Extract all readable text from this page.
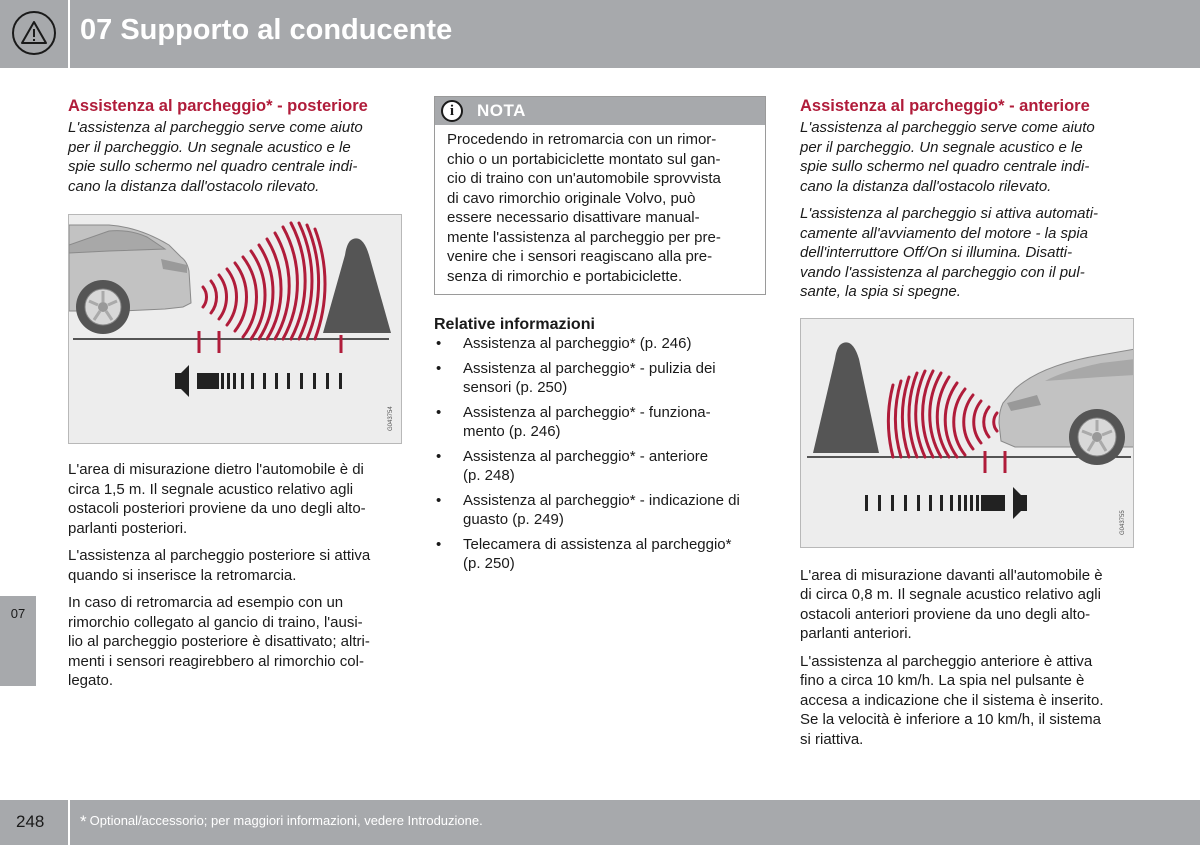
07 Supporto al conducente
07
Assistenza al parcheggio* - posteriore

L'assistenza al parcheggio serve come aiuto
per il parcheggio. Un segnale acustico e le
spie sullo schermo nel quadro centrale indi-
cano la distanza dall'ostacolo rilevato.

G043754

L'area di misurazione dietro l'automobile è di
circa 1,5 m. Il segnale acustico relativo agli
ostacoli posteriori proviene da uno degli alto-
parlanti posteriori.

L'assistenza al parcheggio posteriore si attiva
quando si inserisce la retromarcia.

In caso di retromarcia ad esempio con un
rimorchio collegato al gancio di traino, l'ausi-
lio al parcheggio posteriore è disattivato; altri-
menti i sensori reagirebbero al rimorchio col-
legato.

i	NOTA
Procedendo in retromarcia con un rimor-
chio o un portabiciclette montato sul gan-
cio di traino con un'automobile sprovvista
di cavo rimorchio originale Volvo, può
essere necessario disattivare manual-
mente l'assistenza al parcheggio per pre-
venire che i sensori reagiscano alla pre-
senza di rimorchio e portabiciclette.
Relative informazioni
• Assistenza al parcheggio* (p. 246)
• Assistenza al parcheggio* - pulizia dei
sensori (p. 250)
• Assistenza al parcheggio* - funziona-
mento (p. 246)
• Assistenza al parcheggio* - anteriore
(p. 248)
• Assistenza al parcheggio* - indicazione di
guasto (p. 249)
• Telecamera di assistenza al parcheggio*
(p. 250)
Assistenza al parcheggio* - anteriore

L'assistenza al parcheggio serve come aiuto
per il parcheggio. Un segnale acustico e le
spie sullo schermo nel quadro centrale indi-
cano la distanza dall'ostacolo rilevato.

L'assistenza al parcheggio si attiva automati-
camente all'avviamento del motore - la spia
dell'interruttore Off/On si illumina. Disatti-
vando l'assistenza al parcheggio con il pul-
sante, la spia si spegne.

G043755

L'area di misurazione davanti all'automobile è
di circa 0,8 m. Il segnale acustico relativo agli
ostacoli anteriori proviene da uno degli alto-
parlanti anteriori.

L'assistenza al parcheggio anteriore è attiva
fino a circa 10 km/h. La spia nel pulsante è
accesa a indicazione che il sistema è inserito.
Se la velocità è inferiore a 10 km/h, il sistema
si riattiva.

248 * Optional/accessorio; per maggiori informazioni, vedere Introduzione.
